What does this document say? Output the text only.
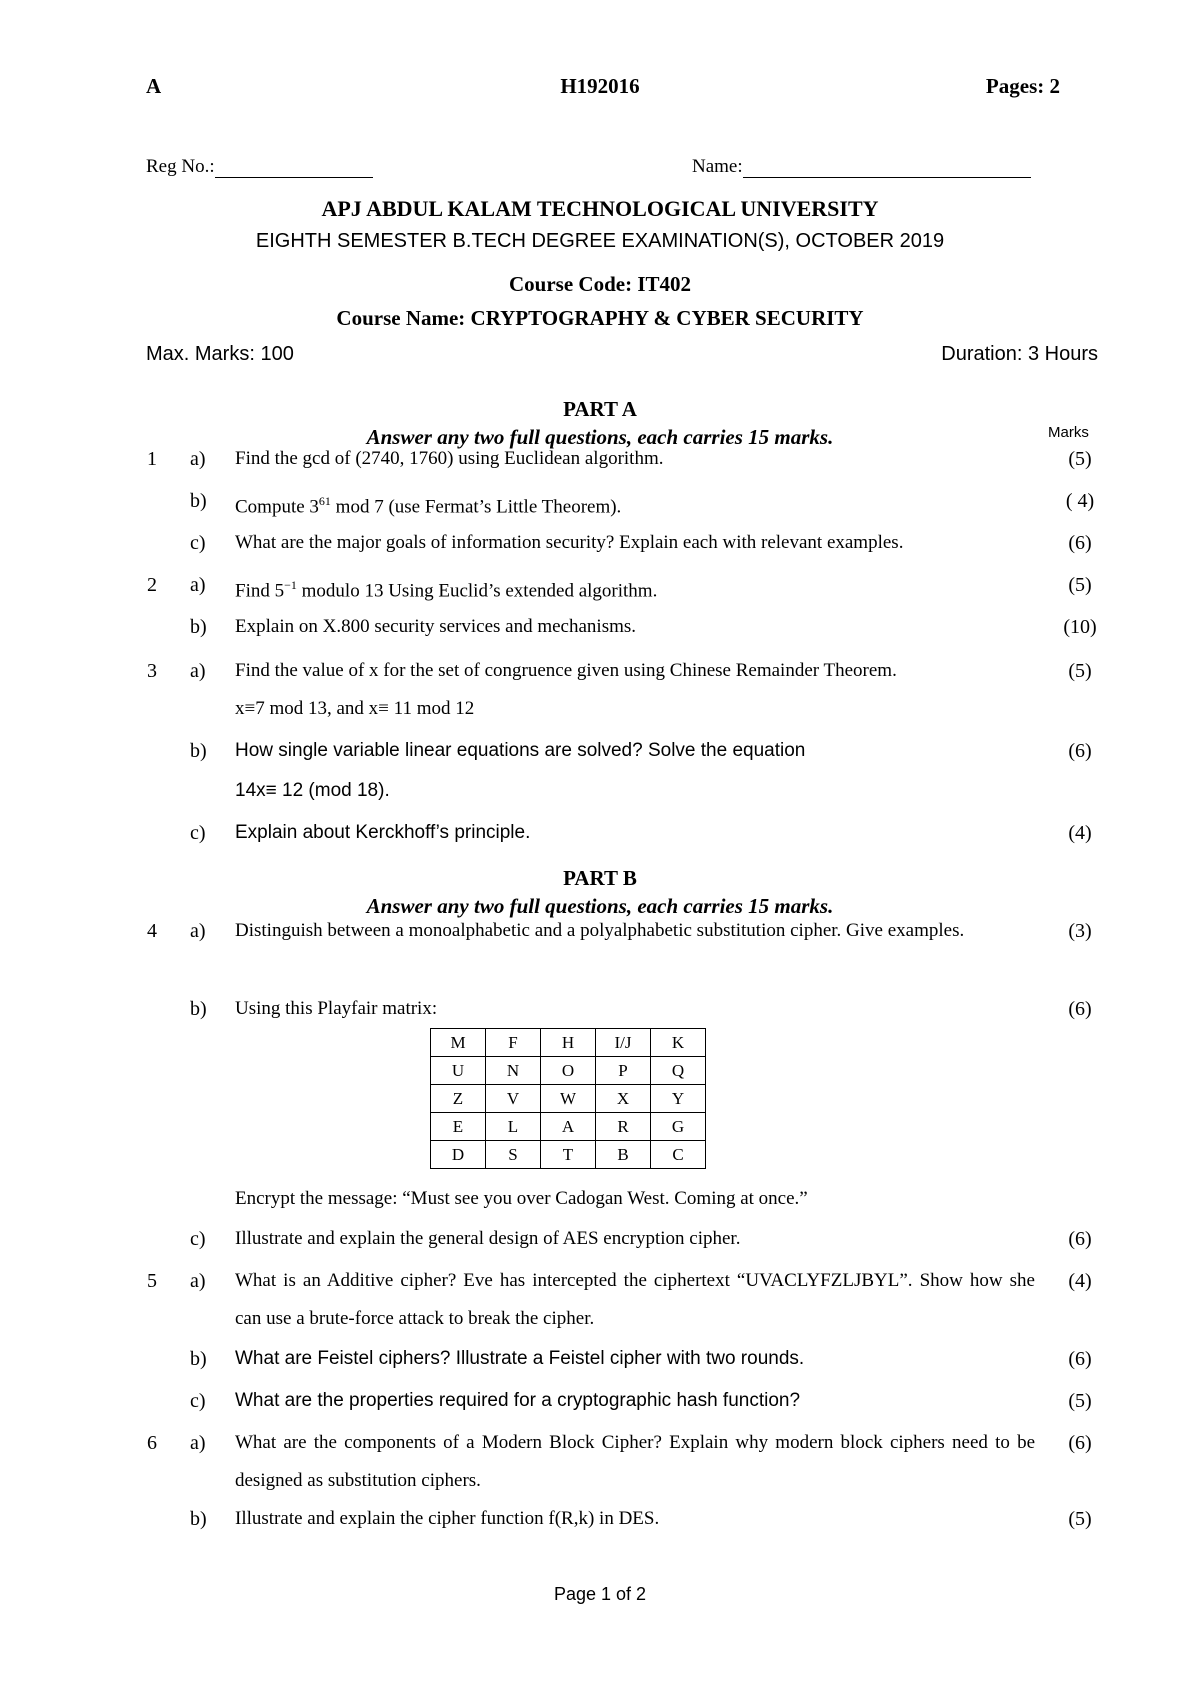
A	H192016	Pages: 2
Reg No.:	Name:
APJ ABDUL KALAM TECHNOLOGICAL UNIVERSITY
EIGHTH SEMESTER B.TECH DEGREE EXAMINATION(S), OCTOBER 2019
Course Code: IT402
Course Name: CRYPTOGRAPHY & CYBER SECURITY
Max. Marks: 100	Duration: 3 Hours
PART A
Answer any two full questions, each carries 15 marks.	Marks
1 a) Find the gcd of (2740, 1760) using Euclidean algorithm.	(5)
b) Compute $3^{61}$ mod 7 (use Fermat’s Little Theorem).	( 4)
c) What are the major goals of information security? Explain each with relevant examples.	(6)
2 a) Find $5^{-1}$ modulo 13 Using Euclid’s extended algorithm.	(5)
b) Explain on X.800 security services and mechanisms.	(10)
3 a) Find the value of x for the set of congruence given using Chinese Remainder Theorem.
x≡7 mod 13, and x≡ 11 mod 12
(5)
b) How single variable linear equations are solved? Solve the equation
14x≡ 12 (mod 18).
(6)
c) Explain about Kerckhoff’s principle.	(4)
PART B
Answer any two full questions, each carries 15 marks.
4 a) Distinguish between a monoalphabetic and a polyalphabetic substitution cipher. Give examples.	(3)
b) Using this Playfair matrix:
Encrypt the message: “Must see you over Cadogan West. Coming at once.”
(6)
M	F	H	I/J	K
U	N	O	P	Q
Z	V	W	X	Y
E	L	A	R	G
D	S	T	B	C
c) Illustrate and explain the general design of AES encryption cipher.	(6)
5 a) What is an Additive cipher? Eve has intercepted the ciphertext “UVACLYFZLJBYL”. Show how she can use a brute-force attack to break the cipher.
(4)
b) What are Feistel ciphers? Illustrate a Feistel cipher with two rounds.	(6)
c) What are the properties required for a cryptographic hash function?	(5)
6 a) What are the components of a Modern Block Cipher? Explain why modern block ciphers need to be designed as substitution ciphers.
(6)
b) Illustrate and explain the cipher function f(R,k) in DES.	(5)
Page 1 of 2
